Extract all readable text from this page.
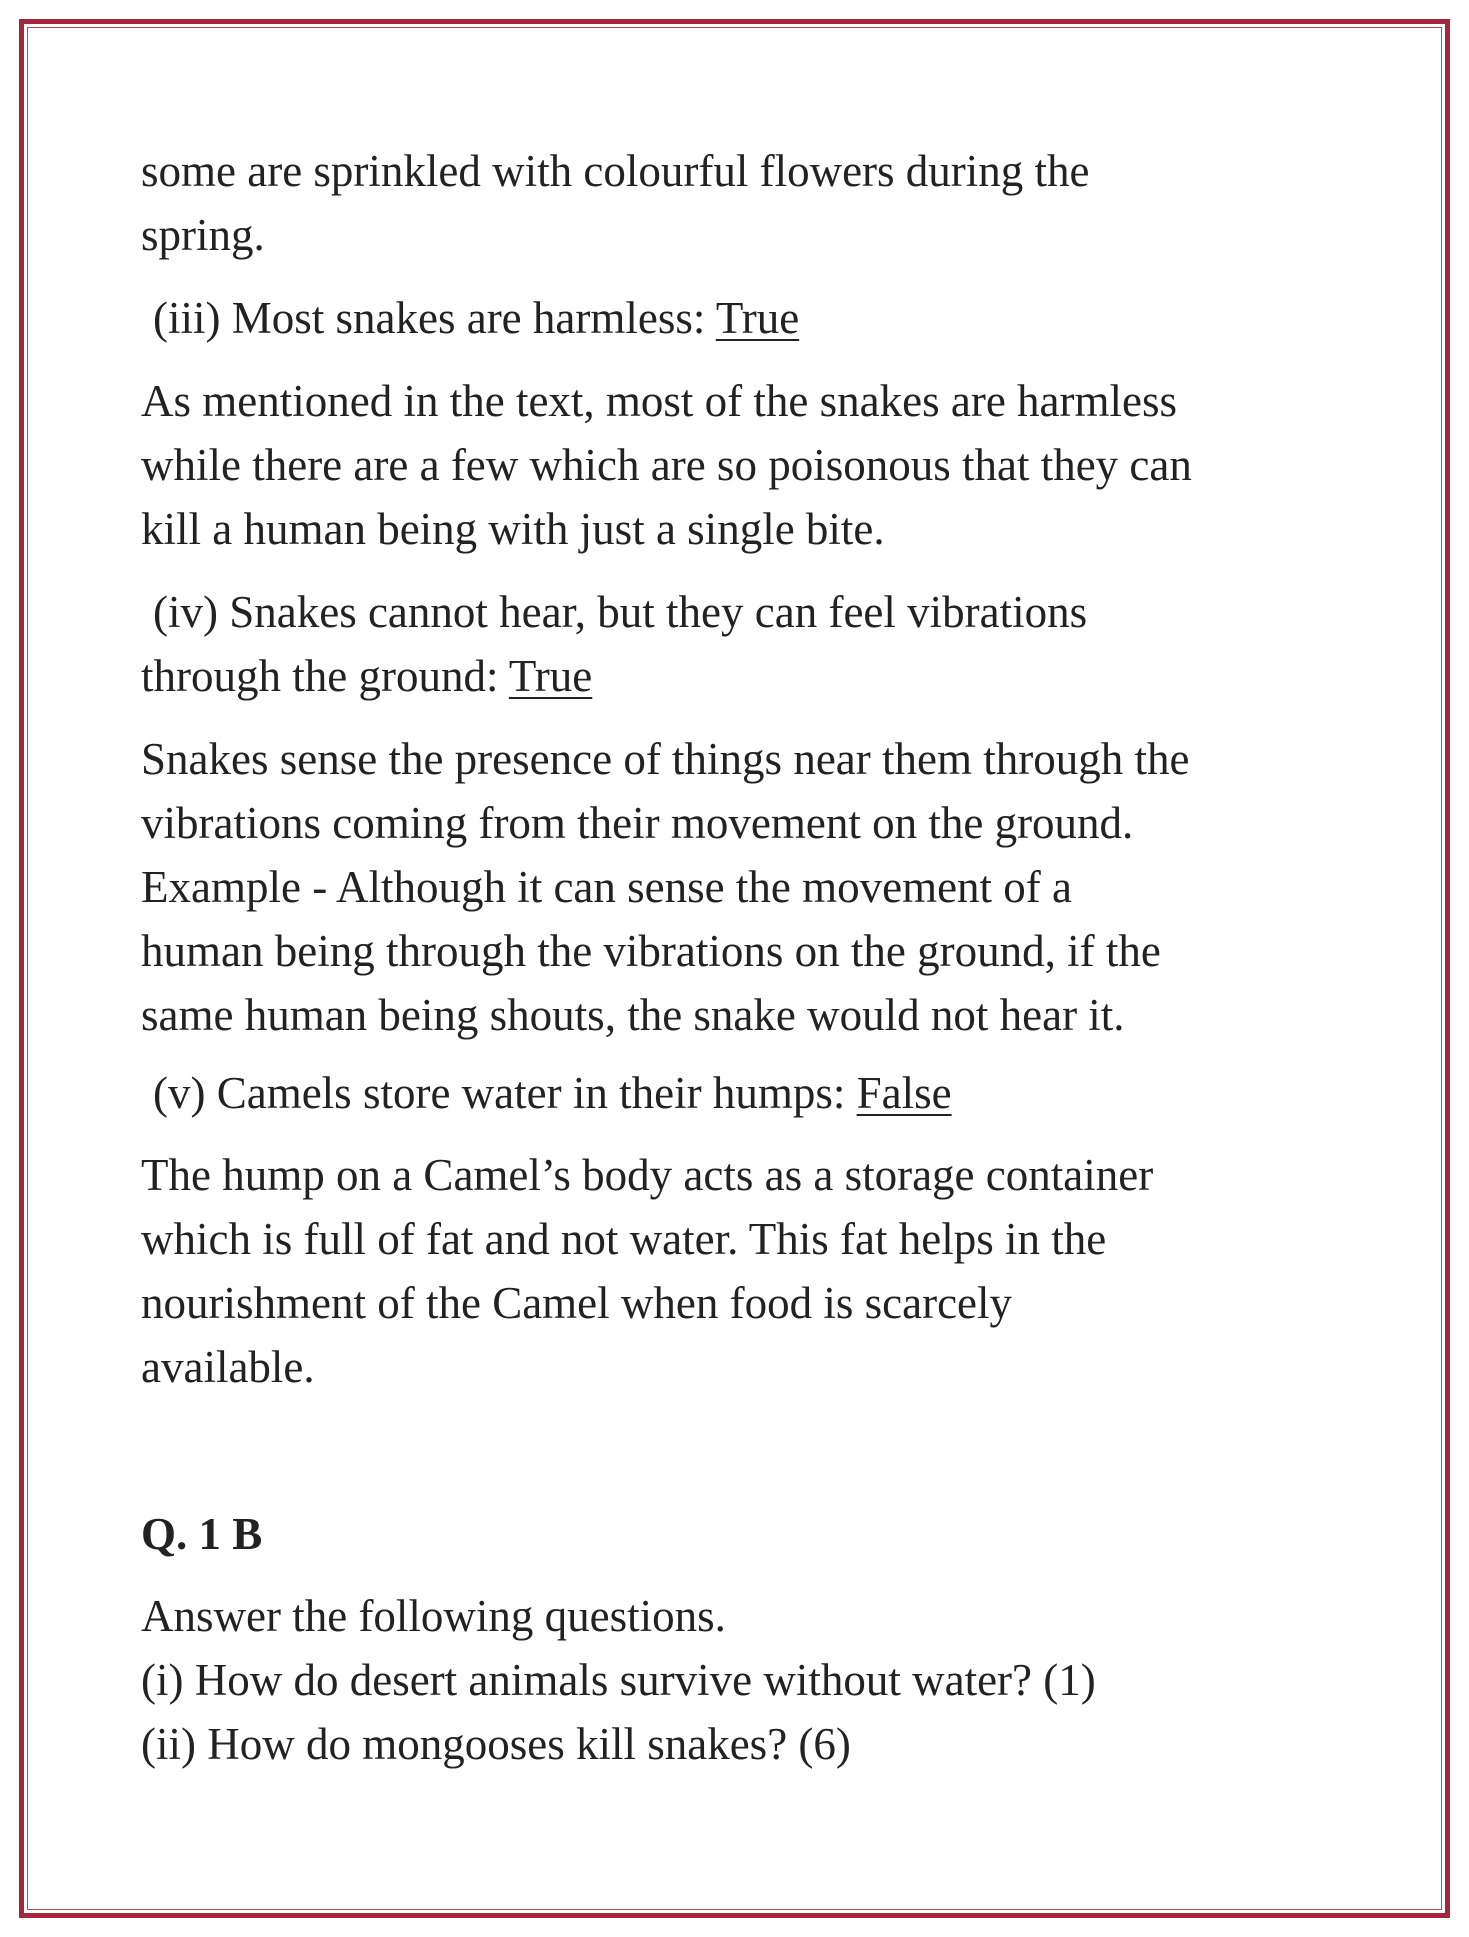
some are sprinkled with colourful flowers during the
spring.
(iii) Most snakes are harmless: True
As mentioned in the text, most of the snakes are harmless
while there are a few which are so poisonous that they can
kill a human being with just a single bite.
(iv) Snakes cannot hear, but they can feel vibrations
through the ground: True
Snakes sense the presence of things near them through the
vibrations coming from their movement on the ground.
Example - Although it can sense the movement of a
human being through the vibrations on the ground, if the
same human being shouts, the snake would not hear it.
(v) Camels store water in their humps: False
The hump on a Camel’s body acts as a storage container
which is full of fat and not water. This fat helps in the
nourishment of the Camel when food is scarcely
available.
Q. 1 B
Answer the following questions.
(i) How do desert animals survive without water? (1)
(ii) How do mongooses kill snakes? (6)
